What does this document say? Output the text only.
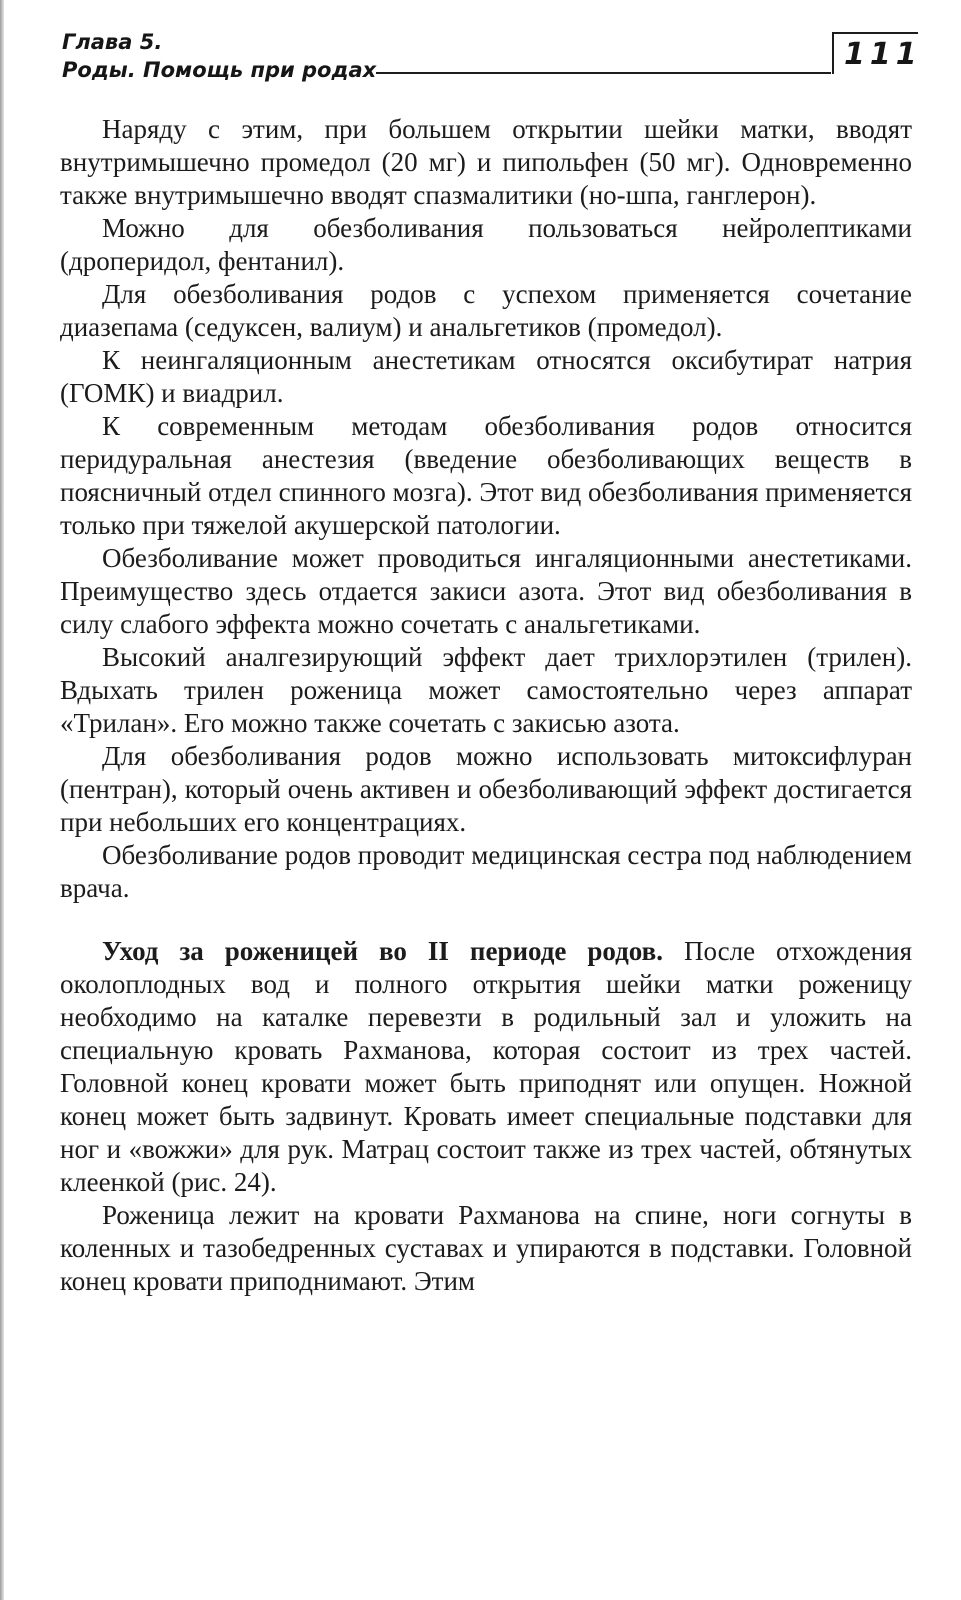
Глава 5.
Роды. Помощь при родах	111

Наряду с этим, при большем открытии шейки матки, вводят внутримышечно промедол (20 мг) и пипольфен (50 мг). Одновременно также внутримышечно вводят спазмалитики (но-шпа, ганглерон).

Можно для обезболивания пользоваться нейролептиками (дроперидол, фентанил).

Для обезболивания родов с успехом применяется сочетание диазепама (седуксен, валиум) и анальгетиков (промедол).

К неингаляционным анестетикам относятся оксибутират натрия (ГОМК) и виадрил.

К современным методам обезболивания родов относится перидуральная анестезия (введение обезболивающих веществ в поясничный отдел спинного мозга). Этот вид обезболивания применяется только при тяжелой акушерской патологии.

Обезболивание может проводиться ингаляционными анестетиками. Преимущество здесь отдается закиси азота. Этот вид обезболивания в силу слабого эффекта можно сочетать с анальгетиками.

Высокий аналгезирующий эффект дает трихлорэтилен (трилен). Вдыхать трилен роженица может самостоятельно через аппарат «Трилан». Его можно также сочетать с закисью азота.

Для обезболивания родов можно использовать митоксифлуран (пентран), который очень активен и обезболивающий эффект достигается при небольших его концентрациях.

Обезболивание родов проводит медицинская сестра под наблюдением врача.

Уход за роженицей во II периоде родов. После отхождения околоплодных вод и полного открытия шейки матки роженицу необходимо на каталке перевезти в родильный зал и уложить на специальную кровать Рахманова, которая состоит из трех частей. Головной конец кровати может быть приподнят или опущен. Ножной конец может быть задвинут. Кровать имеет специальные подставки для ног и «вожжи» для рук. Матрац состоит также из трех частей, обтянутых клеенкой (рис. 24).

Роженица лежит на кровати Рахманова на спине, ноги согнуты в коленных и тазобедренных суставах и упираются в подставки. Головной конец кровати приподнимают. Этим
